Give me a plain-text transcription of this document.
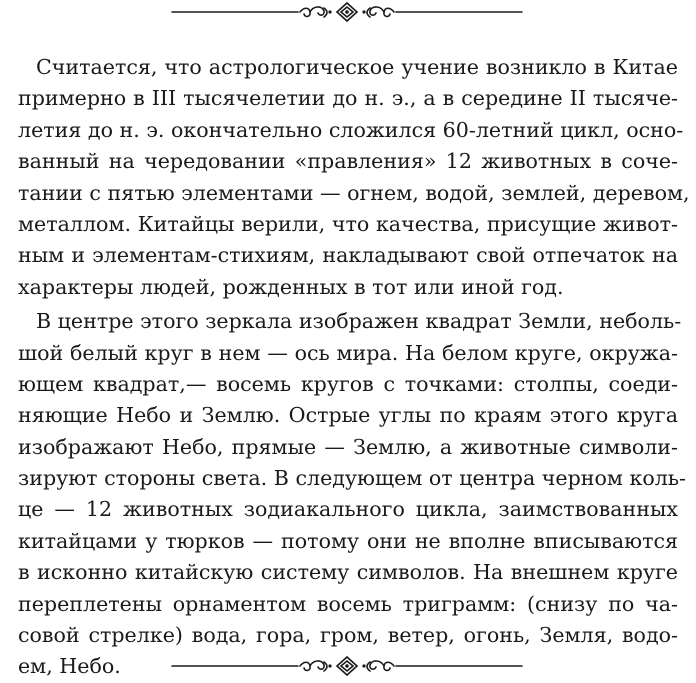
Считается, что астрологическое учение возникло в Китае
примерно в III тысячелетии до н. э., а в середине II тысяче-
летия до н. э. окончательно сложился 60-летний цикл, осно-
ванный на чередовании «правления» 12 животных в сочe-
тании с пятью элементами — огнем, водой, землей, деревом,
металлом. Китайцы верили, что качества, присущие живот-
ным и элементам-стихиям, накладывают свой отпечаток на
характеры людей, рожденных в тот или иной год.
В центре этого зеркала изображен квадрат Земли, неболь-
шой белый круг в нем — ось мира. На белом круге, окружа-
ющем квадрат,— восемь кругов с точками: столпы, соеди-
няющие Небо и Землю. Острые углы по краям этого круга
изображают Небо, прямые — Землю, а животные символи-
зируют стороны света. В следующем от центра черном коль-
це — 12 животных зодиакального цикла, заимствованных
китайцами у тюрков — потому они не вполне вписываются
в исконно китайскую систему символов. На внешнем круге
переплетены орнаментом восемь триграмм: (снизу по ча-
совой стрелке) вода, гора, гром, ветер, огонь, Земля, водо-
ем, Небо.
